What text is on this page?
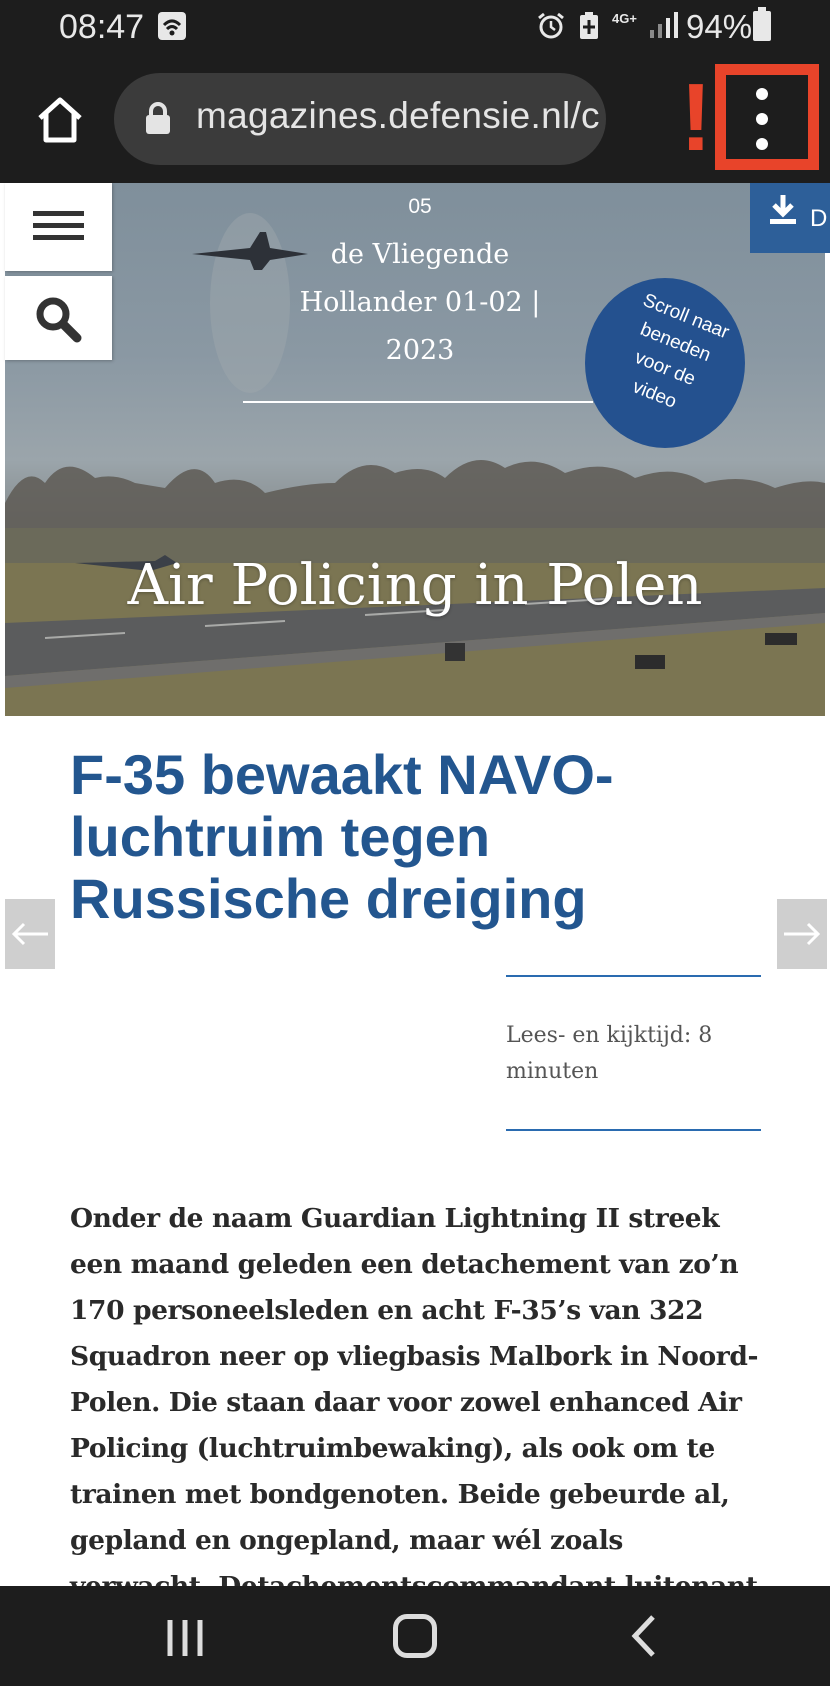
08:47	4G+ 94%
magazines.defensie.nl/c !
05
de Vliegende Hollander 01-02 | 2023
Scroll naar beneden voor de video
Air Policing in Polen
D
F-35 bewaakt NAVO-luchtruim tegen Russische dreiging
Lees- en kijktijd: 8 minuten

Onder de naam Guardian Lightning II streek een maand geleden een detachement van zo’n 170 personeelsleden en acht F-35’s van 322 Squadron neer op vliegbasis Malbork in Noord-Polen. Die staan daar voor zowel enhanced Air Policing (luchtruimbewaking), als ook om te trainen met bondgenoten. Beide gebeurde al, gepland en ongepland, maar wél zoals
